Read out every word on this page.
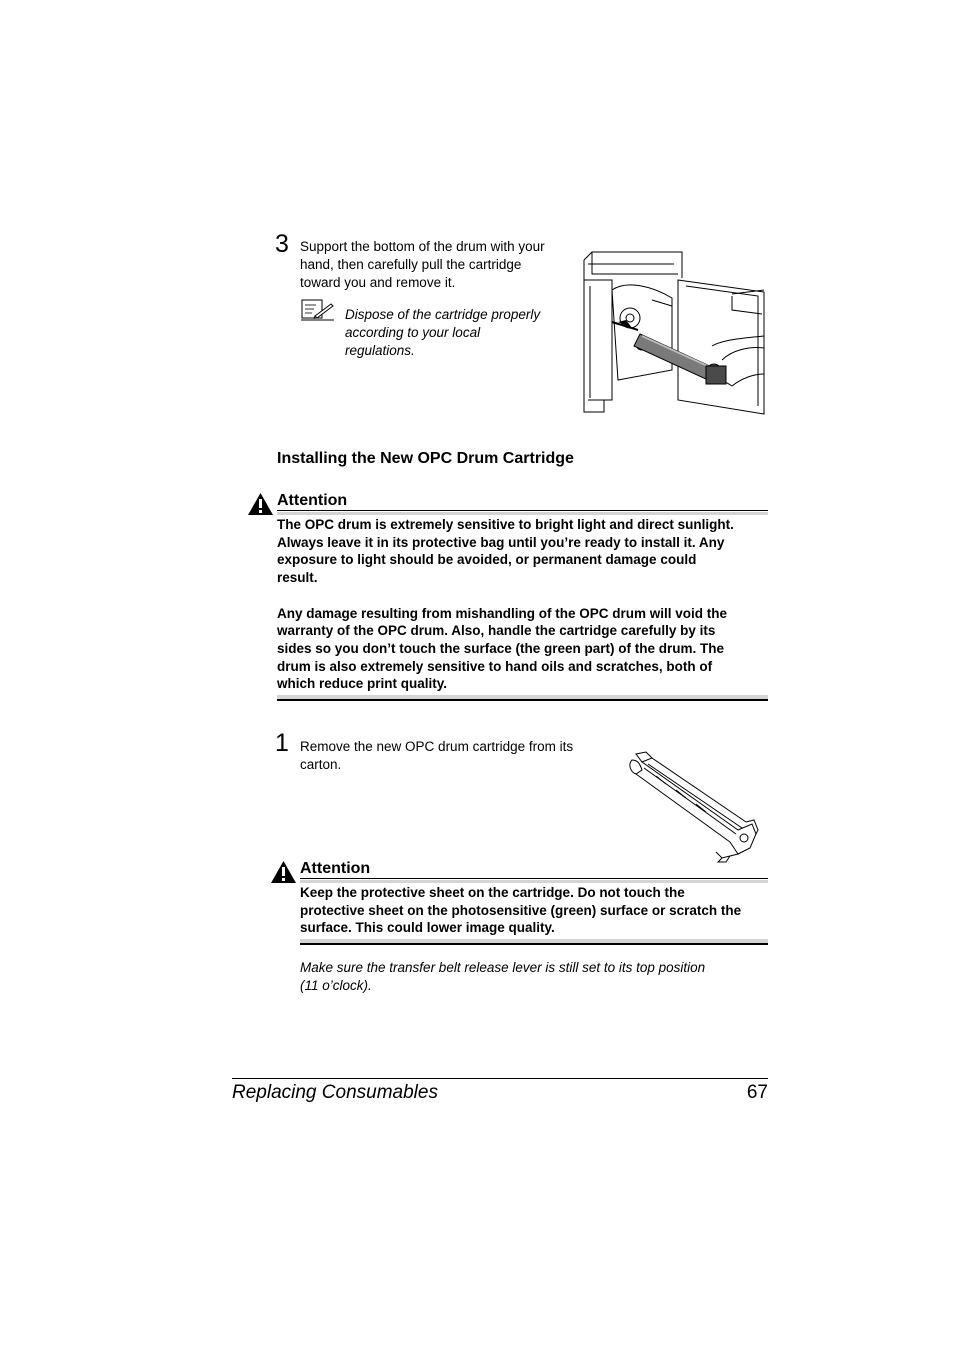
3 Support the bottom of the drum with your
hand, then carefully pull the cartridge
toward you and remove it.
Dispose of the cartridge properly
according to your local
regulations.
Installing the New OPC Drum Cartridge
Attention

The OPC drum is extremely sensitive to bright light and direct sunlight.

Always leave it in its protective bag until you’re ready to install it. Any

exposure to light should be avoided, or permanent damage could

result.

Any damage resulting from mishandling of the OPC drum will void the

warranty of the OPC drum. Also, handle the cartridge carefully by its

sides so you don’t touch the surface (the green part) of the drum. The

drum is also extremely sensitive to hand oils and scratches, both of

which reduce print quality.

1 Remove the new OPC drum cartridge from its
carton.
Attention

Keep the protective sheet on the cartridge. Do not touch the

protective sheet on the photosensitive (green) surface or scratch the

surface. This could lower image quality.

Make sure the transfer belt release lever is still set to its top position
(11 o’clock).
Replacing Consumables	67
